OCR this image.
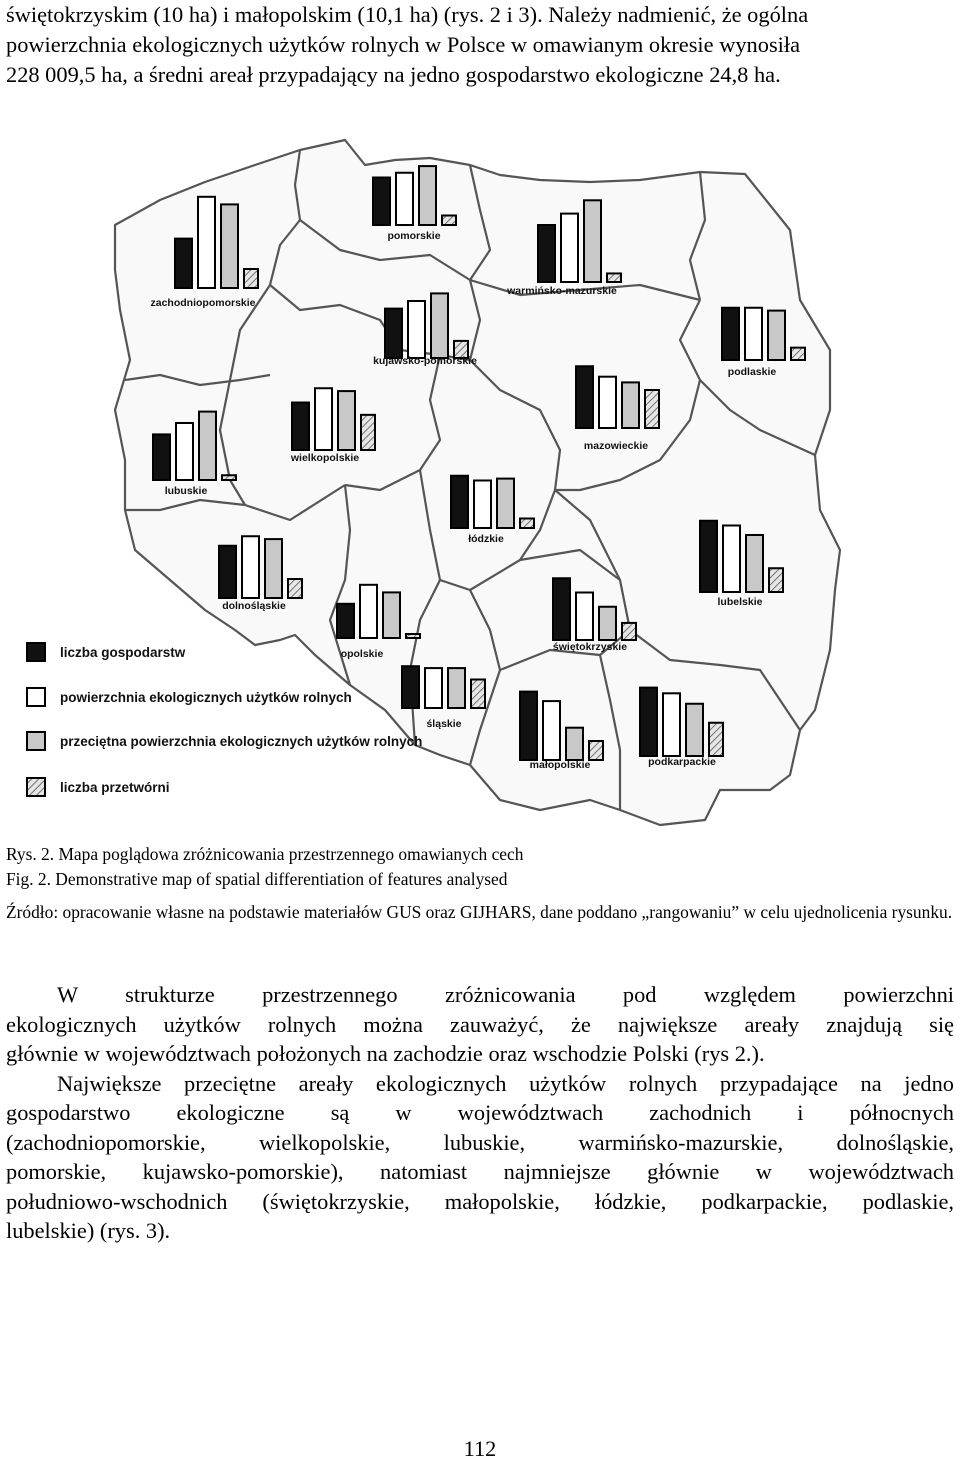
świętokrzyskim (10 ha) i małopolskim (10,1 ha) (rys. 2 i 3). Należy nadmienić, że ogólna
powierzchnia ekologicznych użytków rolnych w Polsce w omawianym okresie wynosiła
228 009,5 ha, a średni areał przypadający na jedno gospodarstwo ekologiczne 24,8 ha.

zachodniopomorskie
pomorskie
warmińsko-mazurskie
kujawsko-pomorskie
podlaskie
lubuskie
wielkopolskie
mazowieckie
łódzkie
dolnośląskie
opolskie
śląskie
świętokrzyskie
lubelskie
małopolskie	podkarpackie
liczba gospodarstw
powierzchnia ekologicznych użytków rolnych
przeciętna powierzchnia ekologicznych użytków rolnych
liczba przetwórni

Rys. 2. Mapa poglądowa zróżnicowania przestrzennego omawianych cech

Fig. 2. Demonstrative map of spatial differentiation of features analysed

Źródło: opracowanie własne na podstawie materiałów GUS oraz GIJHARS, dane poddano „rangowaniu” w celu ujednolicenia rysunku.

W strukturze przestrzennego zróżnicowania pod względem powierzchni
ekologicznych użytków rolnych można zauważyć, że największe areały znajdują się
głównie w województwach położonych na zachodzie oraz wschodzie Polski (rys 2.).
Największe przeciętne areały ekologicznych użytków rolnych przypadające na jedno
gospodarstwo ekologiczne są w województwach zachodnich i północnych
(zachodniopomorskie, wielkopolskie, lubuskie, warmińsko-mazurskie, dolnośląskie,
pomorskie, kujawsko-pomorskie), natomiast najmniejsze głównie w województwach
południowo-wschodnich (świętokrzyskie, małopolskie, łódzkie, podkarpackie, podlaskie,
lubelskie) (rys. 3).
112
